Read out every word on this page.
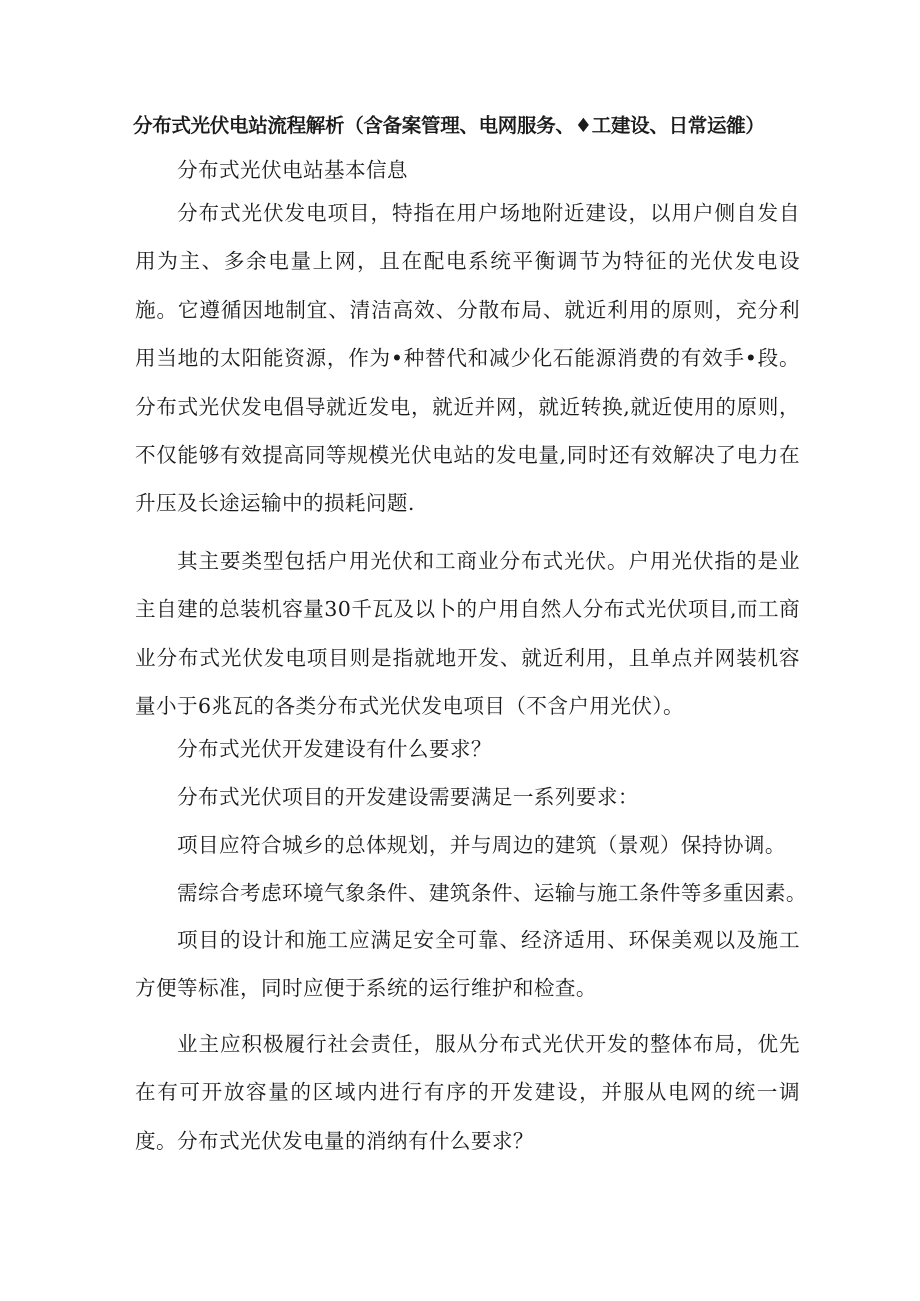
分布式光伏电站流程解析（含备案管理、电网服务、♦工建设、日常运雒）
分布式光伏电站基本信息

分布式光伏发电项目，特指在用户场地附近建设，以用户侧自发自用为主、多余电量上网，且在配电系统平衡调节为特征的光伏发电设施。它遵循因地制宜、清洁高效、分散布局、就近利用的原则，充分利用当地的太阳能资源，作为•种替代和减少化石能源消费的有效手•段。分布式光伏发电倡导就近发电，就近并网，就近转换,就近使用的原则，不仅能够有效提高同等规模光伏电站的发电量,同时还有效解决了电力在升压及长途运输中的损耗问题.

其主要类型包括户用光伏和工商业分布式光伏。户用光伏指的是业主自建的总装机容量30千瓦及以卜的户用自然人分布式光伏项目,而工商业分布式光伏发电项目则是指就地开发、就近利用，且单点并网装机容量小于6兆瓦的各类分布式光伏发电项目（不含户用光伏）。

分布式光伏开发建设有什么要求？
分布式光伏项目的开发建设需要满足一系列要求：
项目应符合城乡的总体规划，并与周边的建筑（景观）保持协调。
需综合考虑环境气象条件、建筑条件、运输与施工条件等多重因素。

项目的设计和施工应满足安全可靠、经济适用、环保美观以及施工方便等标准，同时应便于系统的运行维护和检查。

业主应积极履行社会责任，服从分布式光伏开发的整体布局，优先在有可开放容量的区域内进行有序的开发建设，并服从电网的统一调度。 分布式光伏发电量的消纳有什么要求？
